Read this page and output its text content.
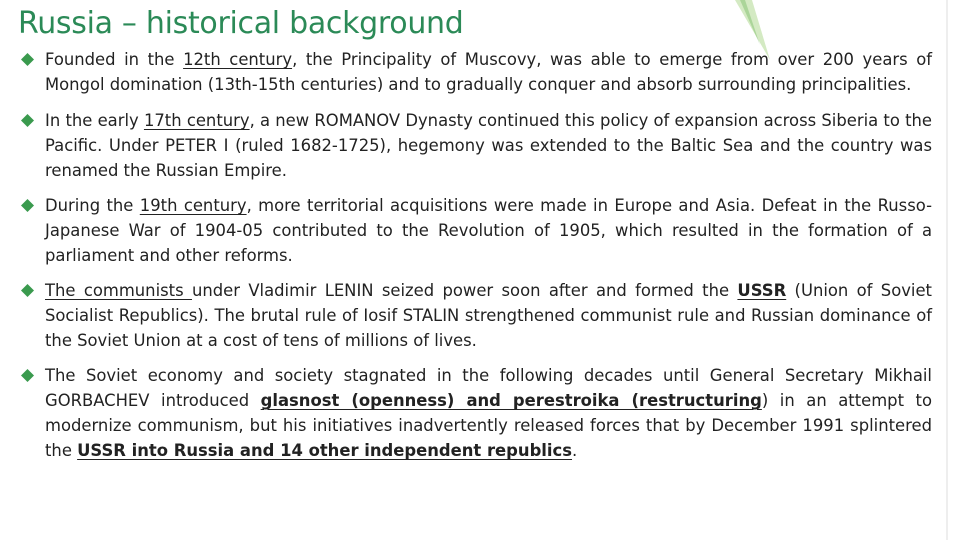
Russia – historical background
Founded in the 12th century, the Principality of Muscovy, was able to emerge from over 200 years of Mongol domination (13th-15th centuries) and to gradually conquer and absorb surrounding principalities.
In the early 17th century, a new ROMANOV Dynasty continued this policy of expansion across Siberia to the Pacific. Under PETER I (ruled 1682-1725), hegemony was extended to the Baltic Sea and the country was renamed the Russian Empire.
During the 19th century, more territorial acquisitions were made in Europe and Asia. Defeat in the Russo-Japanese War of 1904-05 contributed to the Revolution of 1905, which resulted in the formation of a parliament and other reforms.
The communists under Vladimir LENIN seized power soon after and formed the USSR (Union of Soviet Socialist Republics). The brutal rule of Iosif STALIN strengthened communist rule and Russian dominance of the Soviet Union at a cost of tens of millions of lives.
The Soviet economy and society stagnated in the following decades until General Secretary Mikhail GORBACHEV introduced glasnost (openness) and perestroika (restructuring) in an attempt to modernize communism, but his initiatives inadvertently released forces that by December 1991 splintered the USSR into Russia and 14 other independent republics.
